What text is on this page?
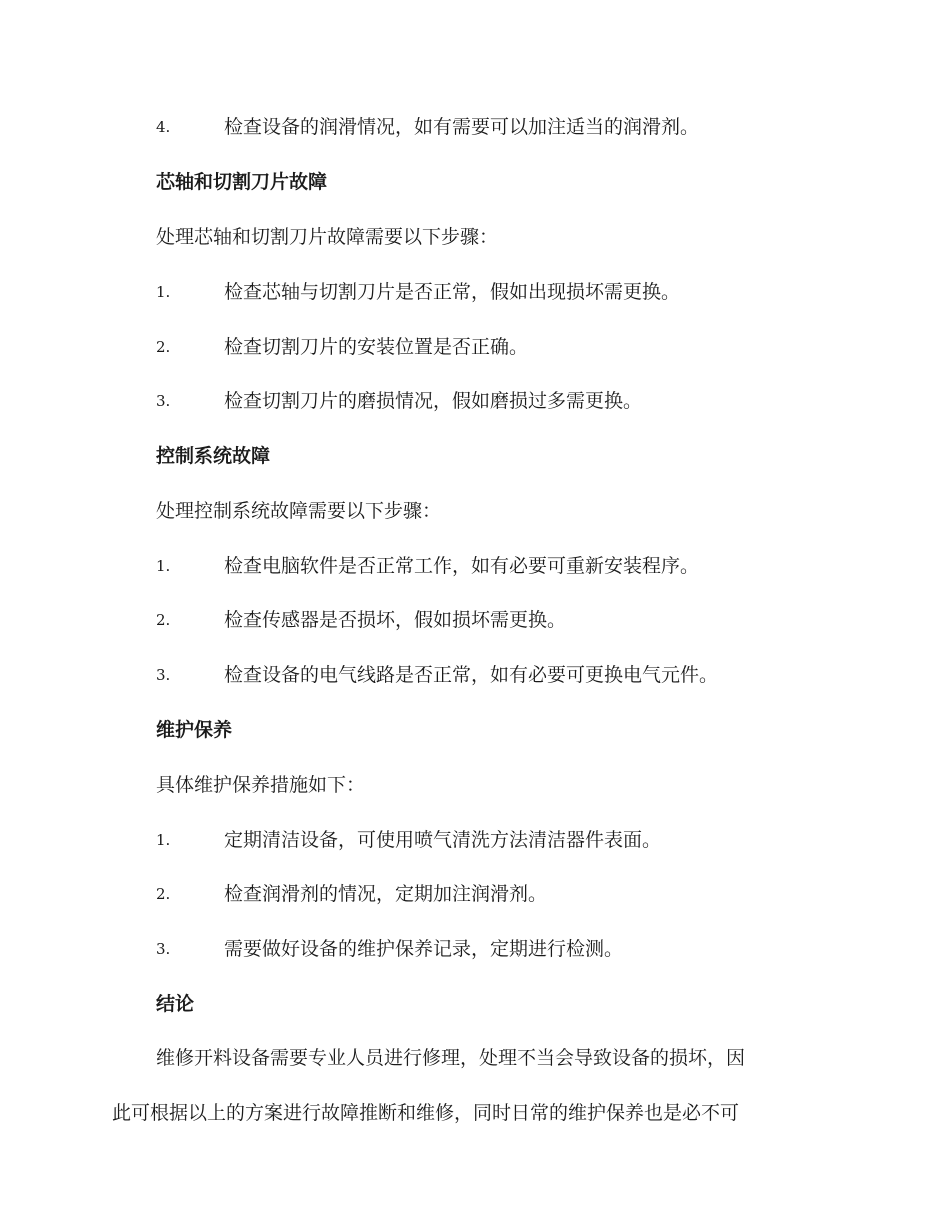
4.	检查设备的润滑情况，如有需要可以加注适当的润滑剂。
芯轴和切割刀片故障
处理芯轴和切割刀片故障需要以下步骤：
1.	检查芯轴与切割刀片是否正常，假如出现损坏需更换。
2.	检查切割刀片的安装位置是否正确。
3.	检查切割刀片的磨损情况，假如磨损过多需更换。
控制系统故障
处理控制系统故障需要以下步骤：
1.	检查电脑软件是否正常工作，如有必要可重新安装程序。
2.	检查传感器是否损坏，假如损坏需更换。
3.	检查设备的电气线路是否正常，如有必要可更换电气元件。
维护保养
具体维护保养措施如下：
1.	定期清洁设备，可使用喷气清洗方法清洁器件表面。
2.	检查润滑剂的情况，定期加注润滑剂。
3.	需要做好设备的维护保养记录，定期进行检测。
结论
维修开料设备需要专业人员进行修理，处理不当会导致设备的损坏，因
此可根据以上的方案进行故障推断和维修，同时日常的维护保养也是必不可
